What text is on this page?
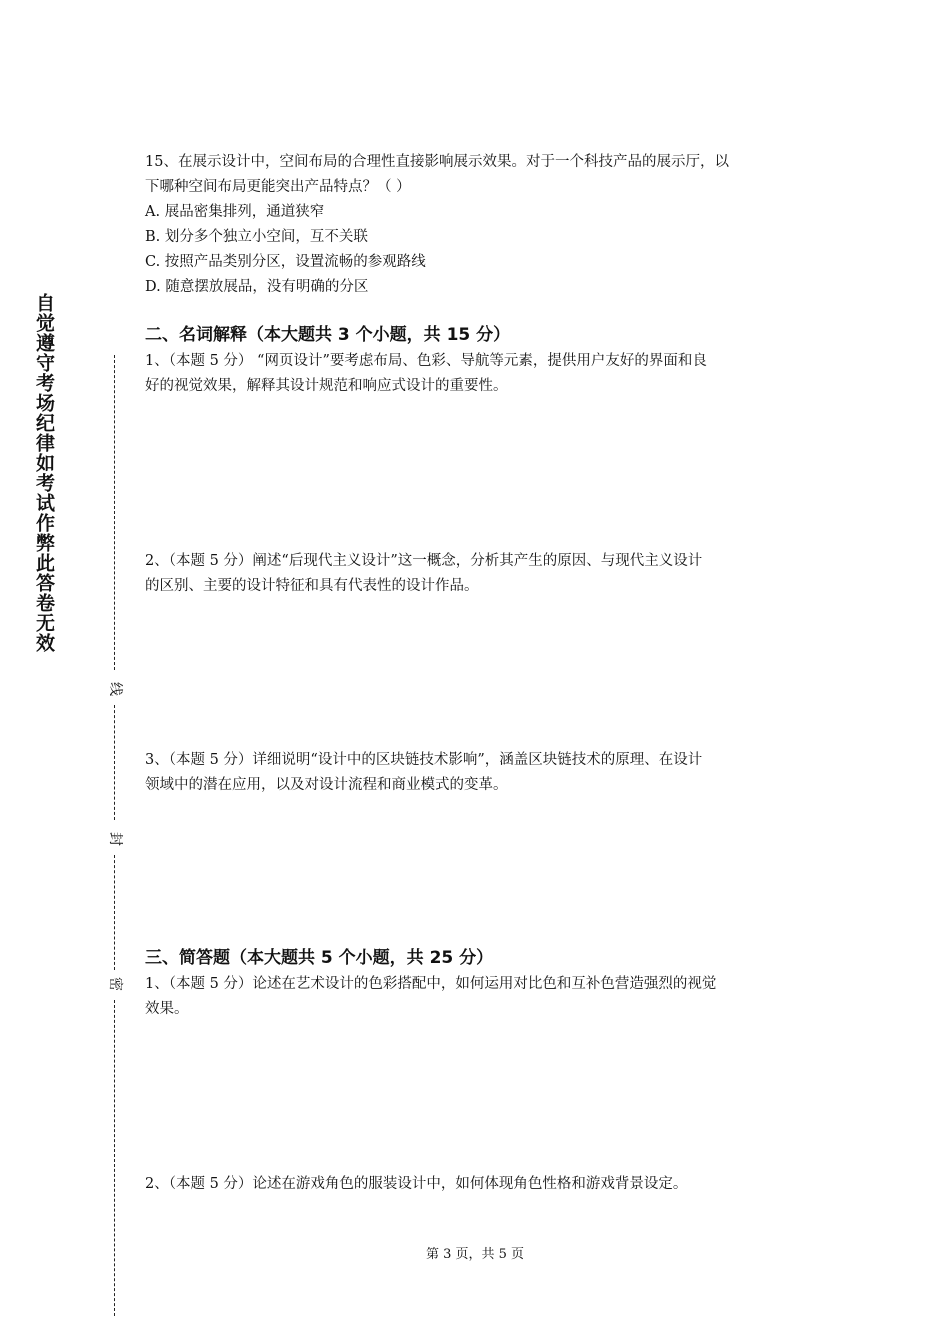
自觉遵守考场纪律如考试作弊此答卷无效
线
封
密
15、在展示设计中，空间布局的合理性直接影响展示效果。对于一个科技产品的展示厅，以
下哪种空间布局更能突出产品特点？（ ）
A. 展品密集排列，通道狭窄
B. 划分多个独立小空间，互不关联
C. 按照产品类别分区，设置流畅的参观路线
D. 随意摆放展品，没有明确的分区
二、名词解释（本大题共 3 个小题，共 15 分）
1、（本题 5 分） “网页设计”要考虑布局、色彩、导航等元素，提供用户友好的界面和良
好的视觉效果，解释其设计规范和响应式设计的重要性。
2、（本题 5 分）阐述“后现代主义设计”这一概念，分析其产生的原因、与现代主义设计
的区别、主要的设计特征和具有代表性的设计作品。
3、（本题 5 分）详细说明“设计中的区块链技术影响”，涵盖区块链技术的原理、在设计
领域中的潜在应用，以及对设计流程和商业模式的变革。
三、简答题（本大题共 5 个小题，共 25 分）
1、（本题 5 分）论述在艺术设计的色彩搭配中，如何运用对比色和互补色营造强烈的视觉
效果。
2、（本题 5 分）论述在游戏角色的服装设计中，如何体现角色性格和游戏背景设定。
第 3 页，共 5 页
